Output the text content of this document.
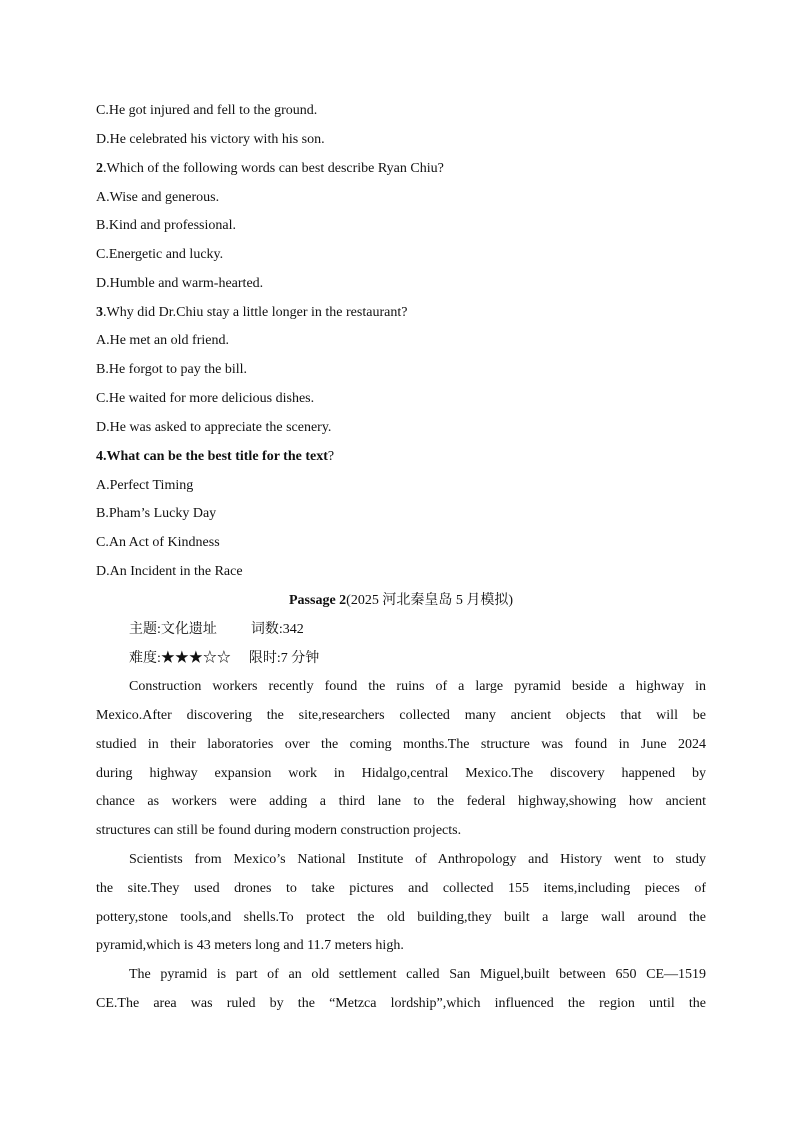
C.He got injured and fell to the ground.
D.He celebrated his victory with his son.
2.Which of the following words can best describe Ryan Chiu?
A.Wise and generous.
B.Kind and professional.
C.Energetic and lucky.
D.Humble and warm-hearted.
3.Why did Dr.Chiu stay a little longer in the restaurant?
A.He met an old friend.
B.He forgot to pay the bill.
C.He waited for more delicious dishes.
D.He was asked to appreciate the scenery.
4.What can be the best title for the text?
A.Perfect Timing
B.Pham’s Lucky Day
C.An Act of Kindness
D.An Incident in the Race
Passage 2(2025 河北秦皇岛 5 月模拟)
主题:文化遗址 词数:342
难度:★★★☆☆ 限时:7 分钟
Construction workers recently found the ruins of a large pyramid beside a highway in
Mexico.After discovering the site,researchers collected many ancient objects that will be
studied in their laboratories over the coming months.The structure was found in June 2024
during highway expansion work in Hidalgo,central Mexico.The discovery happened by
chance as workers were adding a third lane to the federal highway,showing how ancient
structures can still be found during modern construction projects.
Scientists from Mexico’s National Institute of Anthropology and History went to study
the site.They used drones to take pictures and collected 155 items,including pieces of
pottery,stone tools,and shells.To protect the old building,they built a large wall around the
pyramid,which is 43 meters long and 11.7 meters high.
The pyramid is part of an old settlement called San Miguel,built between 650 CE—1519
CE.The area was ruled by the “Metzca lordship”,which influenced the region until the
